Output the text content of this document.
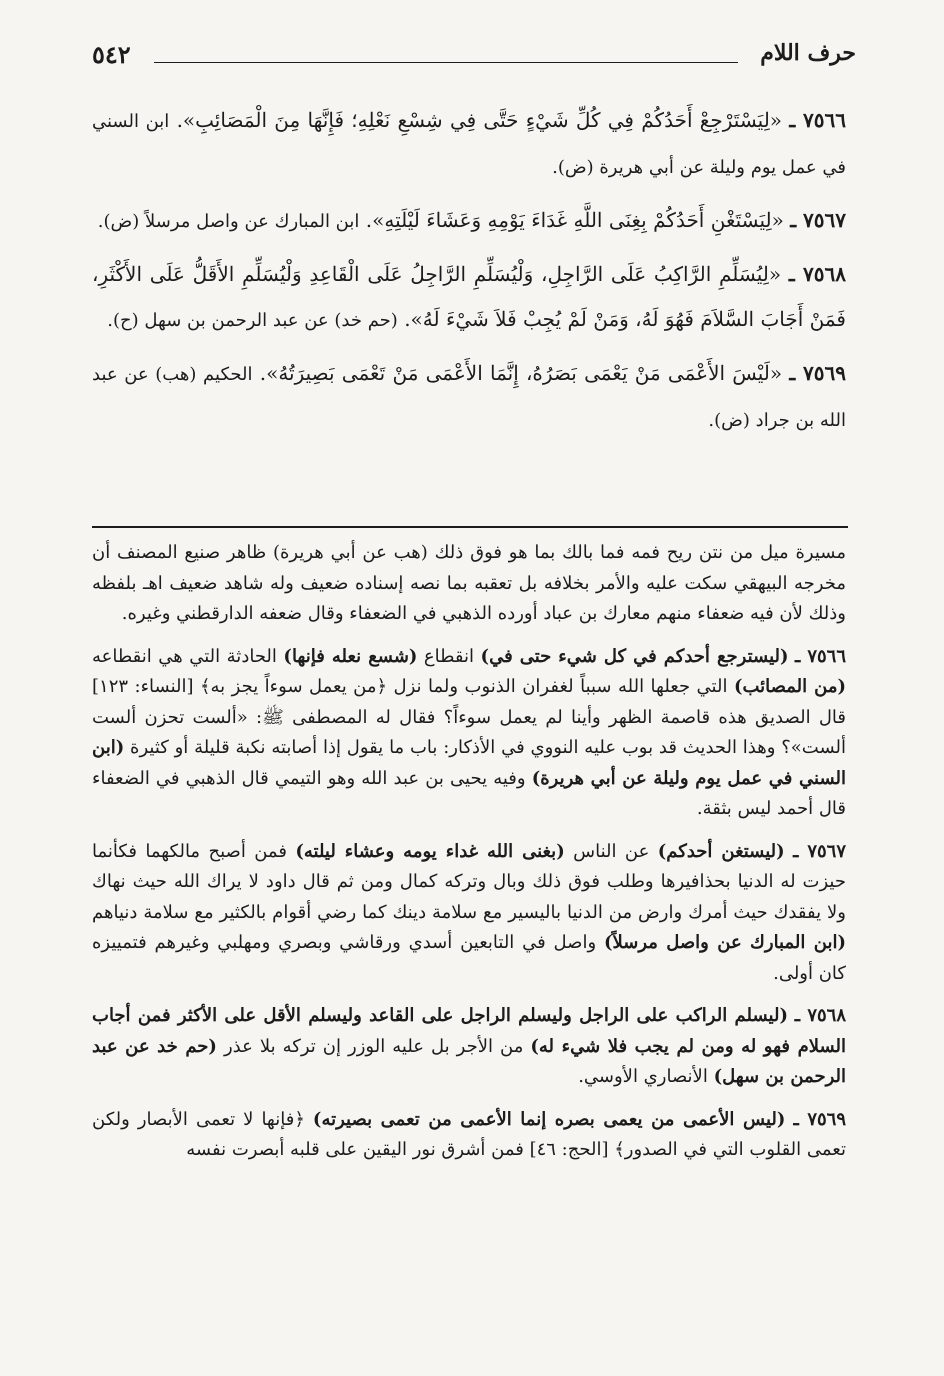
حرف اللام
٥٤٢

٧٥٦٦ ـ «لِيَسْتَرْجِعْ أَحَدُكُمْ فِي كُلِّ شَيْءٍ حَتَّى فِي شِسْعِ نَعْلِهِ؛ فَإِنَّهَا مِنَ الْمَصَائِبِ». ابن السني في عمل يوم وليلة عن أبي هريرة (ض).

٧٥٦٧ ـ «لِيَسْتَغْنِ أَحَدُكُمْ بِغِنَى اللَّهِ غَدَاءَ يَوْمِهِ وَعَشَاءَ لَيْلَتِهِ». ابن المبارك عن واصل مرسلاً (ض).

٧٥٦٨ ـ «لِيُسَلِّمِ الرَّاكِبُ عَلَى الرَّاجِلِ، وَلْيُسَلِّمِ الرَّاجِلُ عَلَى الْقَاعِدِ وَلْيُسَلِّمِ الأَقَلُّ عَلَى الأَكْثَرِ، فَمَنْ أَجَابَ السَّلاَمَ فَهُوَ لَهُ، وَمَنْ لَمْ يُجِبْ فَلاَ شَيْءَ لَهُ». (حم خد) عن عبد الرحمن بن سهل (ح).

٧٥٦٩ ـ «لَيْسَ الأَعْمَى مَنْ يَعْمَى بَصَرُهُ، إِنَّمَا الأَعْمَى مَنْ تَعْمَى بَصِيرَتُهُ». الحكيم (هب) عن عبد الله بن جراد (ض).

مسيرة ميل من نتن ريح فمه فما بالك بما هو فوق ذلك (هب عن أبي هريرة) ظاهر صنيع المصنف أن مخرجه البيهقي سكت عليه والأمر بخلافه بل تعقبه بما نصه إسناده ضعيف وله شاهد ضعيف اهـ بلفظه وذلك لأن فيه ضعفاء منهم معارك بن عباد أورده الذهبي في الضعفاء وقال ضعفه الدارقطني وغيره.

٧٥٦٦ ـ (ليسترجع أحدكم في كل شيء حتى في) انقطاع (شسع نعله فإنها) الحادثة التي هي انقطاعه (من المصائب) التي جعلها الله سبباً لغفران الذنوب ولما نزل ﴿من يعمل سوءاً يجز به﴾ [النساء: ١٢٣] قال الصديق هذه قاصمة الظهر وأينا لم يعمل سوءاً؟ فقال له المصطفى ﷺ: «ألست تحزن ألست ألست»؟ وهذا الحديث قد بوب عليه النووي في الأذكار: باب ما يقول إذا أصابته نكبة قليلة أو كثيرة (ابن السني في عمل يوم وليلة عن أبي هريرة) وفيه يحيى بن عبد الله وهو التيمي قال الذهبي في الضعفاء قال أحمد ليس بثقة.

٧٥٦٧ ـ (ليستغن أحدكم) عن الناس (بغنى الله غداء يومه وعشاء ليلته) فمن أصبح مالكهما فكأنما حيزت له الدنيا بحذافيرها وطلب فوق ذلك وبال وتركه كمال ومن ثم قال داود لا يراك الله حيث نهاك ولا يفقدك حيث أمرك وارض من الدنيا باليسير مع سلامة دينك كما رضي أقوام بالكثير مع سلامة دنياهم (ابن المبارك عن واصل مرسلاً) واصل في التابعين أسدي ورقاشي وبصري ومهلبي وغيرهم فتمييزه كان أولى.

٧٥٦٨ ـ (ليسلم الراكب على الراجل وليسلم الراجل على القاعد وليسلم الأقل على الأكثر فمن أجاب السلام فهو له ومن لم يجب فلا شيء له) من الأجر بل عليه الوزر إن تركه بلا عذر (حم خد عن عبد الرحمن بن سهل) الأنصاري الأوسي.

٧٥٦٩ ـ (ليس الأعمى من يعمى بصره إنما الأعمى من تعمى بصيرته) ﴿فإنها لا تعمى الأبصار ولكن تعمى القلوب التي في الصدور﴾ [الحج: ٤٦] فمن أشرق نور اليقين على قلبه أبصرت نفسه
